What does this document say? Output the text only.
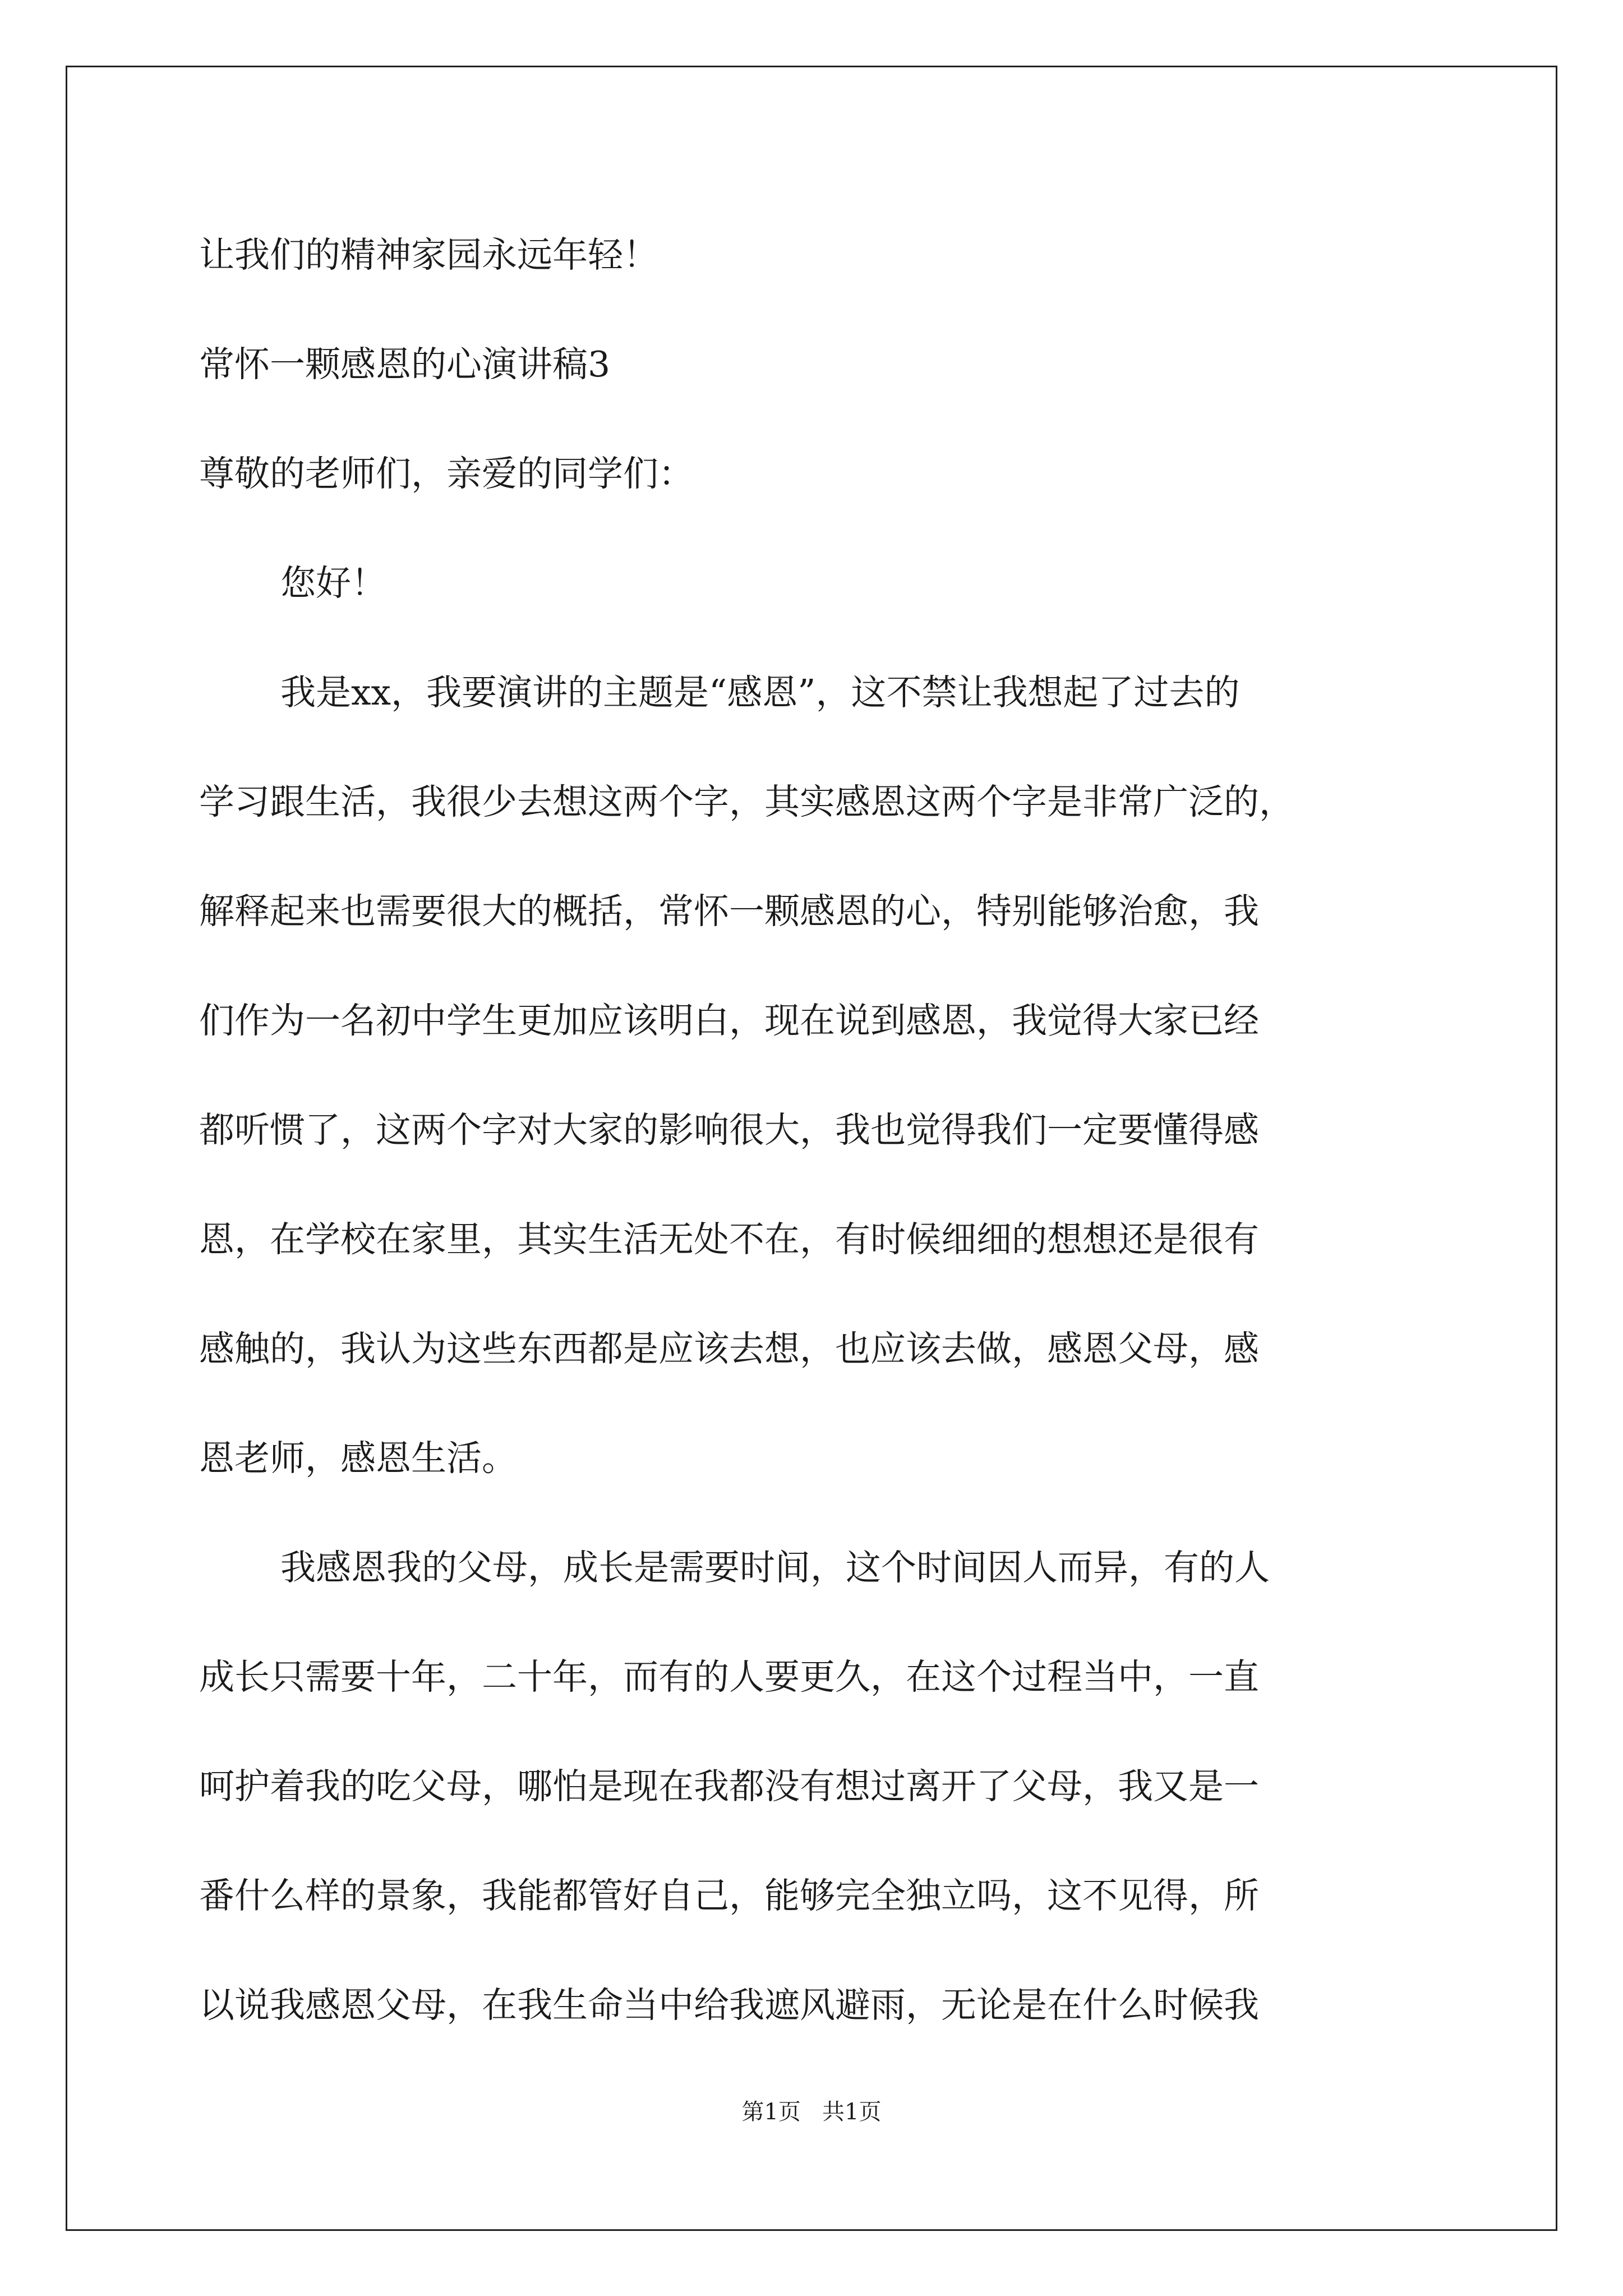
让我们的精神家园永远年轻！

常怀一颗感恩的心演讲稿3

尊敬的老师们，亲爱的同学们：

您好！

我是xx，我要演讲的主题是“感恩”，这不禁让我想起了过去的

学习跟生活，我很少去想这两个字，其实感恩这两个字是非常广泛的，

解释起来也需要很大的概括，常怀一颗感恩的心，特别能够治愈，我

们作为一名初中学生更加应该明白，现在说到感恩，我觉得大家已经

都听惯了，这两个字对大家的影响很大，我也觉得我们一定要懂得感

恩，在学校在家里，其实生活无处不在，有时候细细的想想还是很有

感触的，我认为这些东西都是应该去想，也应该去做，感恩父母，感

恩老师，感恩生活。

我感恩我的父母，成长是需要时间，这个时间因人而异，有的人

成长只需要十年，二十年，而有的人要更久，在这个过程当中，一直

呵护着我的吃父母，哪怕是现在我都没有想过离开了父母，我又是一

番什么样的景象，我能都管好自己，能够完全独立吗，这不见得，所

以说我感恩父母，在我生命当中给我遮风避雨，无论是在什么时候我

第1页   共1页
